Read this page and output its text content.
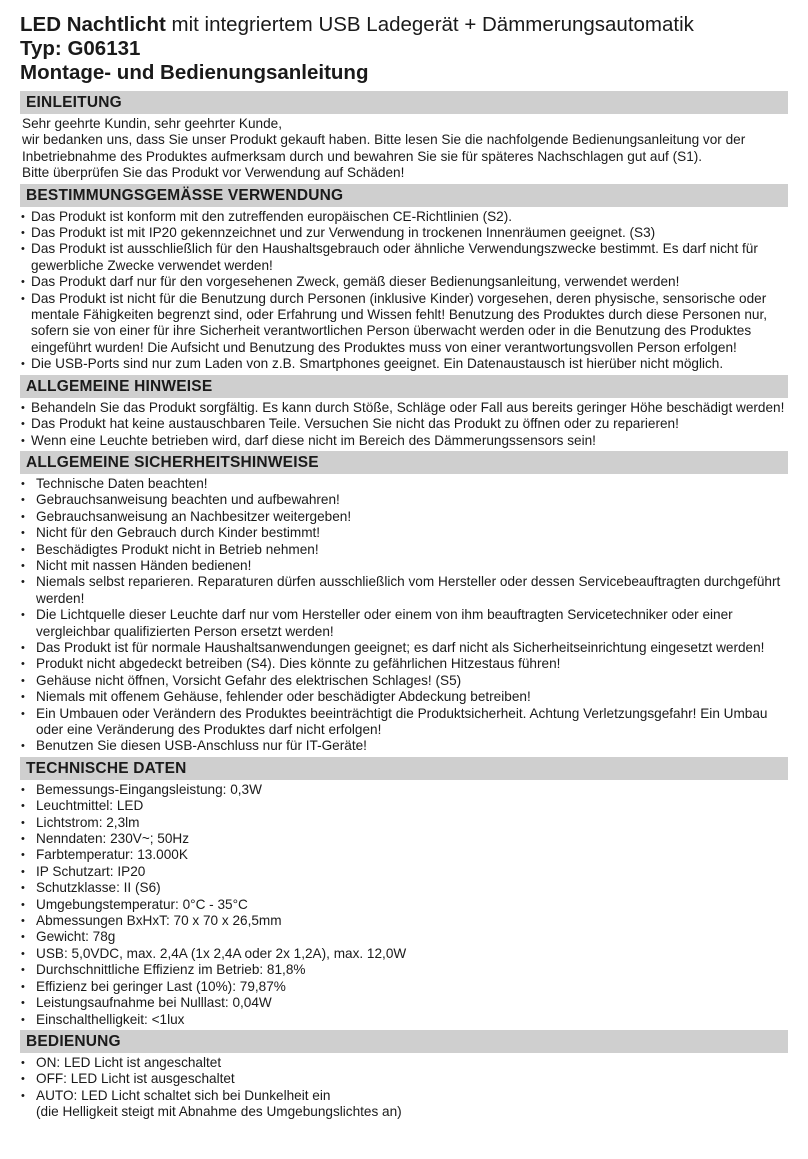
LED Nachtlicht mit integriertem USB Ladegerät + Dämmerungsautomatik
Typ: G06131
Montage- und Bedienungsanleitung
EINLEITUNG

Sehr geehrte Kundin, sehr geehrter Kunde,

wir bedanken uns, dass Sie unser Produkt gekauft haben. Bitte lesen Sie die nachfolgende Bedienungsanleitung vor der Inbetriebnahme des Produktes aufmerksam durch und bewahren Sie sie für späteres Nachschlagen gut auf (S1).

Bitte überprüfen Sie das Produkt vor Verwendung auf Schäden!

BESTIMMUNGSGEMÄSSE VERWENDUNG
• Das Produkt ist konform mit den zutreffenden europäischen CE-Richtlinien (S2).
• Das Produkt ist mit IP20 gekennzeichnet und zur Verwendung in trockenen Innenräumen geeignet. (S3)
• Das Produkt ist ausschließlich für den Haushaltsgebrauch oder ähnliche Verwendungszwecke bestimmt. Es darf nicht für gewerbliche Zwecke verwendet werden!
• Das Produkt darf nur für den vorgesehenen Zweck, gemäß dieser Bedienungsanleitung, verwendet werden!
• Das Produkt ist nicht für die Benutzung durch Personen (inklusive Kinder) vorgesehen, deren physische, sensorische oder mentale Fähigkeiten begrenzt sind, oder Erfahrung und Wissen fehlt! Benutzung des Produktes durch diese Personen nur, sofern sie von einer für ihre Sicherheit verantwortlichen Person überwacht werden oder in die Benutzung des Produktes eingeführt wurden! Die Aufsicht und Benutzung des Produktes muss von einer verantwortungsvollen Person erfolgen!
• Die USB-Ports sind nur zum Laden von z.B. Smartphones geeignet. Ein Datenaustausch ist hierüber nicht möglich.
ALLGEMEINE HINWEISE
• Behandeln Sie das Produkt sorgfältig. Es kann durch Stöße, Schläge oder Fall aus bereits geringer Höhe beschädigt werden!
• Das Produkt hat keine austauschbaren Teile. Versuchen Sie nicht das Produkt zu öffnen oder zu reparieren!
• Wenn eine Leuchte betrieben wird, darf diese nicht im Bereich des Dämmerungssensors sein!
ALLGEMEINE SICHERHEITSHINWEISE
• Technische Daten beachten!
• Gebrauchsanweisung beachten und aufbewahren!
• Gebrauchsanweisung an Nachbesitzer weitergeben!
• Nicht für den Gebrauch durch Kinder bestimmt!
• Beschädigtes Produkt nicht in Betrieb nehmen!
• Nicht mit nassen Händen bedienen!
• Niemals selbst reparieren. Reparaturen dürfen ausschließlich vom Hersteller oder dessen Servicebeauftragten durchgeführt werden!
• Die Lichtquelle dieser Leuchte darf nur vom Hersteller oder einem von ihm beauftragten Servicetechniker oder einer vergleichbar qualifizierten Person ersetzt werden!
• Das Produkt ist für normale Haushaltsanwendungen geeignet; es darf nicht als Sicherheitseinrichtung eingesetzt werden!
• Produkt nicht abgedeckt betreiben (S4). Dies könnte zu gefährlichen Hitzestaus führen!
• Gehäuse nicht öffnen, Vorsicht Gefahr des elektrischen Schlages! (S5)
• Niemals mit offenem Gehäuse, fehlender oder beschädigter Abdeckung betreiben!
• Ein Umbauen oder Verändern des Produktes beeinträchtigt die Produktsicherheit. Achtung Verletzungsgefahr! Ein Umbau oder eine Veränderung des Produktes darf nicht erfolgen!
• Benutzen Sie diesen USB-Anschluss nur für IT-Geräte!
TECHNISCHE DATEN
• Bemessungs-Eingangsleistung: 0,3W
• Leuchtmittel: LED
• Lichtstrom: 2,3lm
• Nenndaten: 230V~; 50Hz
• Farbtemperatur: 13.000K
• IP Schutzart: IP20
• Schutzklasse: II (S6)
• Umgebungstemperatur: 0°C - 35°C
• Abmessungen BxHxT: 70 x 70 x 26,5mm
• Gewicht: 78g
• USB: 5,0VDC, max. 2,4A (1x 2,4A oder 2x 1,2A), max. 12,0W
• Durchschnittliche Effizienz im Betrieb: 81,8%
• Effizienz bei geringer Last (10%): 79,87%
• Leistungsaufnahme bei Nulllast: 0,04W
• Einschalthelligkeit: <1lux
BEDIENUNG
• ON: LED Licht ist angeschaltet
• OFF: LED Licht ist ausgeschaltet
• AUTO: LED Licht schaltet sich bei Dunkelheit ein
(die Helligkeit steigt mit Abnahme des Umgebungslichtes an)
